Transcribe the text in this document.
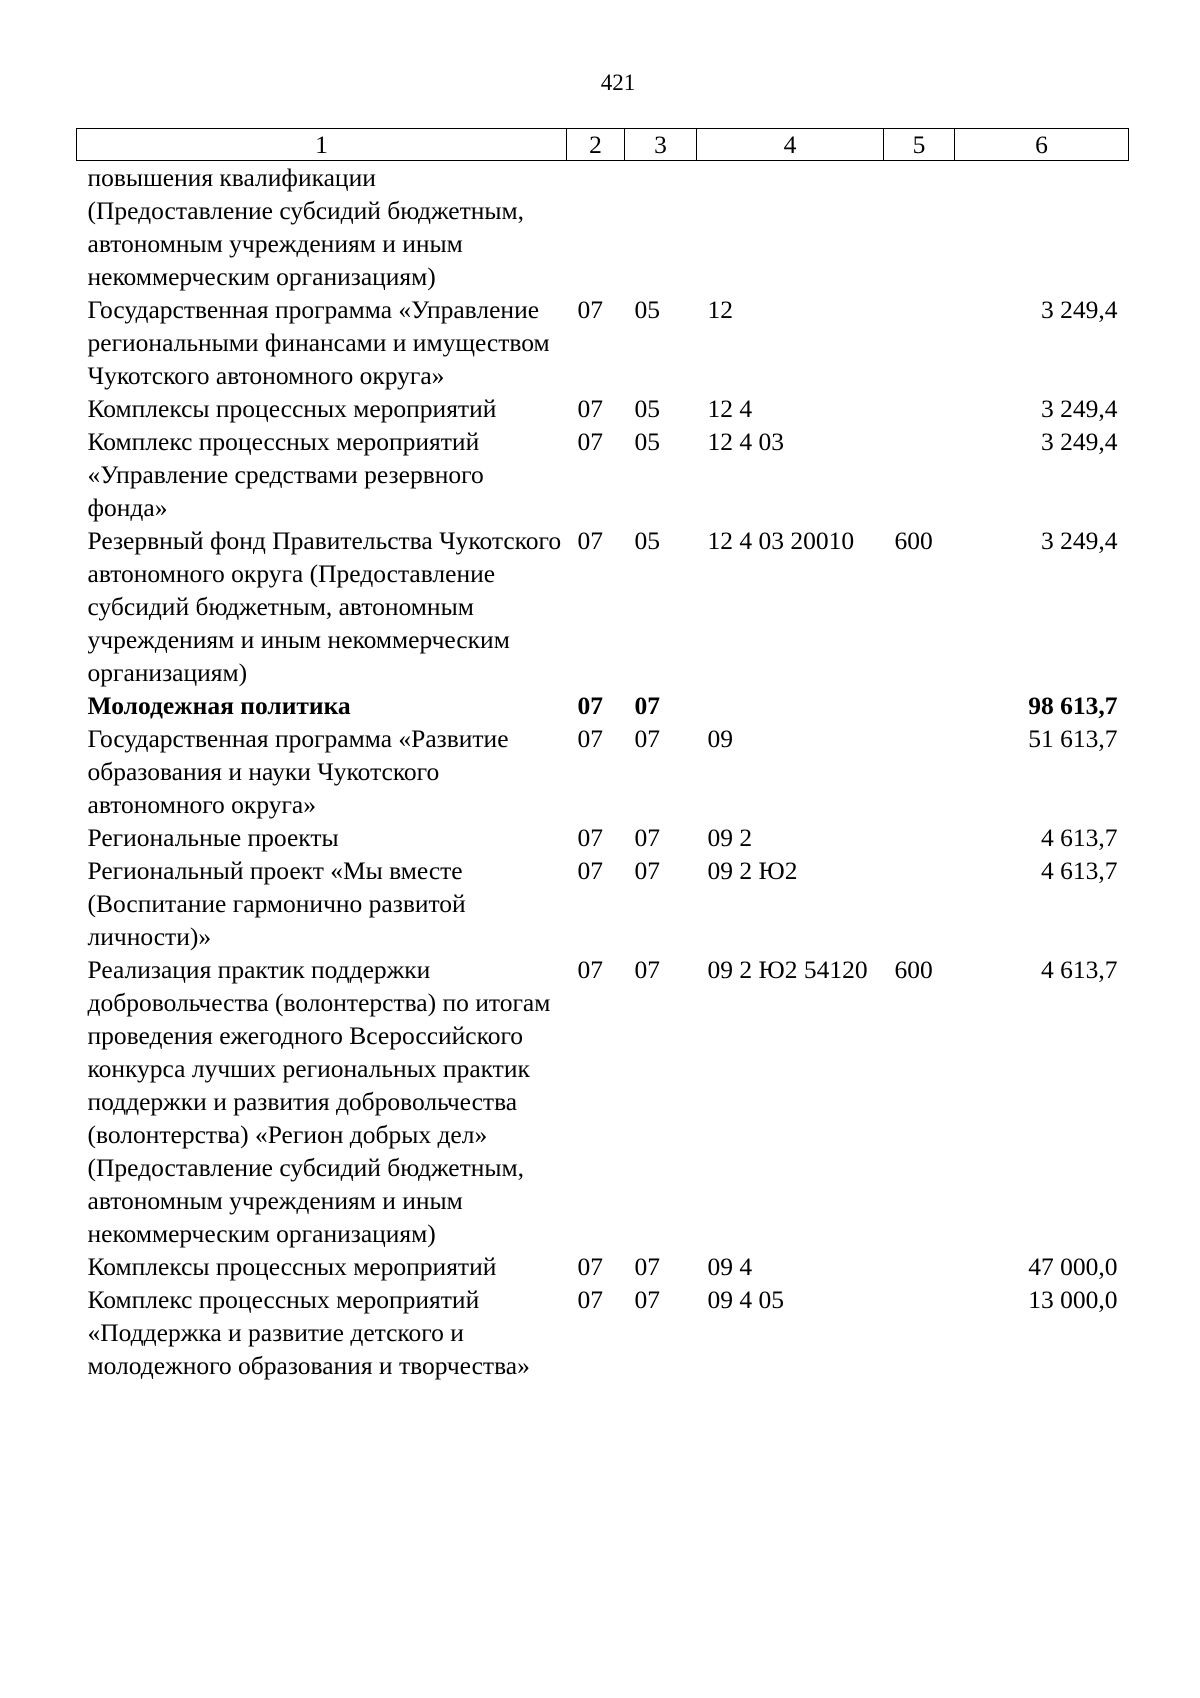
421
1	2	3	4	5	6
повышения квалификации (Предоставление субсидий бюджетным, автономным учреждениям и иным некоммерческим организациям)					
Государственная программа «Управление региональными финансами и имуществом Чукотского автономного округа»	07	05	12		3 249,4
Комплексы процессных мероприятий	07	05	12 4		3 249,4
Комплекс процессных мероприятий «Управление средствами резервного фонда»	07	05	12 4 03		3 249,4
Резервный фонд Правительства Чукотского автономного округа (Предоставление субсидий бюджетным, автономным учреждениям и иным некоммерческим организациям)	07	05	12 4 03 20010	600	3 249,4
Молодежная политика	07	07			98 613,7
Государственная программа «Развитие образования и науки Чукотского автономного округа»	07	07	09		51 613,7
Региональные проекты	07	07	09 2		4 613,7
Региональный проект «Мы вместе (Воспитание гармонично развитой личности)»	07	07	09 2 Ю2		4 613,7
Реализация практик поддержки добровольчества (волонтерства) по итогам проведения ежегодного Всероссийского конкурса лучших региональных практик поддержки и развития добровольчества (волонтерства) «Регион добрых дел» (Предоставление субсидий бюджетным, автономным учреждениям и иным некоммерческим организациям)	07	07	09 2 Ю2 54120	600	4 613,7
Комплексы процессных мероприятий	07	07	09 4		47 000,0
Комплекс процессных мероприятий «Поддержка и развитие детского и молодежного образования и творчества»	07	07	09 4 05		13 000,0
